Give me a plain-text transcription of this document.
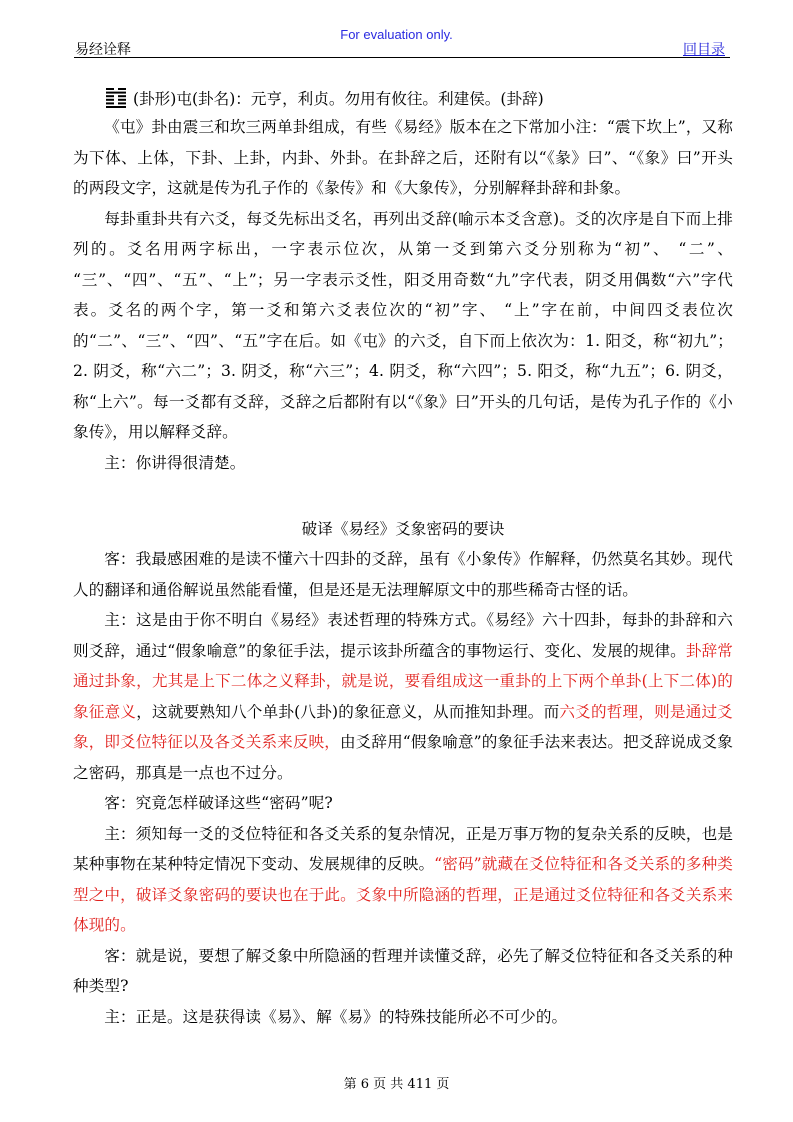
For evaluation only.
易经诠释	回目录
(卦形)屯(卦名)：元亨，利贞。勿用有攸往。利建侯。(卦辞)

《屯》卦由震三和坎三两单卦组成，有些《易经》版本在之下常加小注：“震下坎上”，又称为下体、上体，下卦、上卦，内卦、外卦。在卦辞之后，还附有以“《彖》曰”、“《象》曰”开头的两段文字，这就是传为孔子作的《彖传》和《大象传》，分别解释卦辞和卦象。

每卦重卦共有六爻，每爻先标出爻名，再列出爻辞(喻示本爻含意)。爻的次序是自下而上排列的。爻名用两字标出，一字表示位次，从第一爻到第六爻分别称为“初”、 “二”、 “三”、“四”、“五”、“上”；另一字表示爻性，阳爻用奇数“九”字代表，阴爻用偶数“六”字代表。爻名的两个字，第一爻和第六爻表位次的“初”字、 “上”字在前，中间四爻表位次的“二”、“三”、“四”、“五”字在后。如《屯》的六爻，自下而上依次为：1. 阳爻，称“初九”；2. 阴爻，称“六二”；3. 阴爻，称“六三”；4. 阴爻，称“六四”；5. 阳爻，称“九五”；6. 阴爻，称“上六”。每一爻都有爻辞，爻辞之后都附有以“《象》曰”开头的几句话，是传为孔子作的《小象传》，用以解释爻辞。

主：你讲得很清楚。

破译《易经》爻象密码的要诀

客：我最感困难的是读不懂六十四卦的爻辞，虽有《小象传》作解释，仍然莫名其妙。现代人的翻译和通俗解说虽然能看懂，但是还是无法理解原文中的那些稀奇古怪的话。

主：这是由于你不明白《易经》表述哲理的特殊方式。《易经》六十四卦，每卦的卦辞和六则爻辞，通过“假象喻意”的象征手法，提示该卦所蕴含的事物运行、变化、发展的规律。卦辞常通过卦象，尤其是上下二体之义释卦，就是说，要看组成这一重卦的上下两个单卦(上下二体)的象征意义，这就要熟知八个单卦(八卦)的象征意义，从而推知卦理。而六爻的哲理，则是通过爻象，即爻位特征以及各爻关系来反映，由爻辞用“假象喻意”的象征手法来表达。把爻辞说成爻象之密码，那真是一点也不过分。

客：究竟怎样破译这些“密码”呢?

主：须知每一爻的爻位特征和各爻关系的复杂情况，正是万事万物的复杂关系的反映，也是某种事物在某种特定情况下变动、发展规律的反映。“密码”就藏在爻位特征和各爻关系的多种类型之中，破译爻象密码的要诀也在于此。爻象中所隐涵的哲理，正是通过爻位特征和各爻关系来体现的。

客：就是说，要想了解爻象中所隐涵的哲理并读懂爻辞，必先了解爻位特征和各爻关系的种种类型?

主：正是。这是获得读《易》、解《易》的特殊技能所必不可少的。

第 6 页 共 411 页
